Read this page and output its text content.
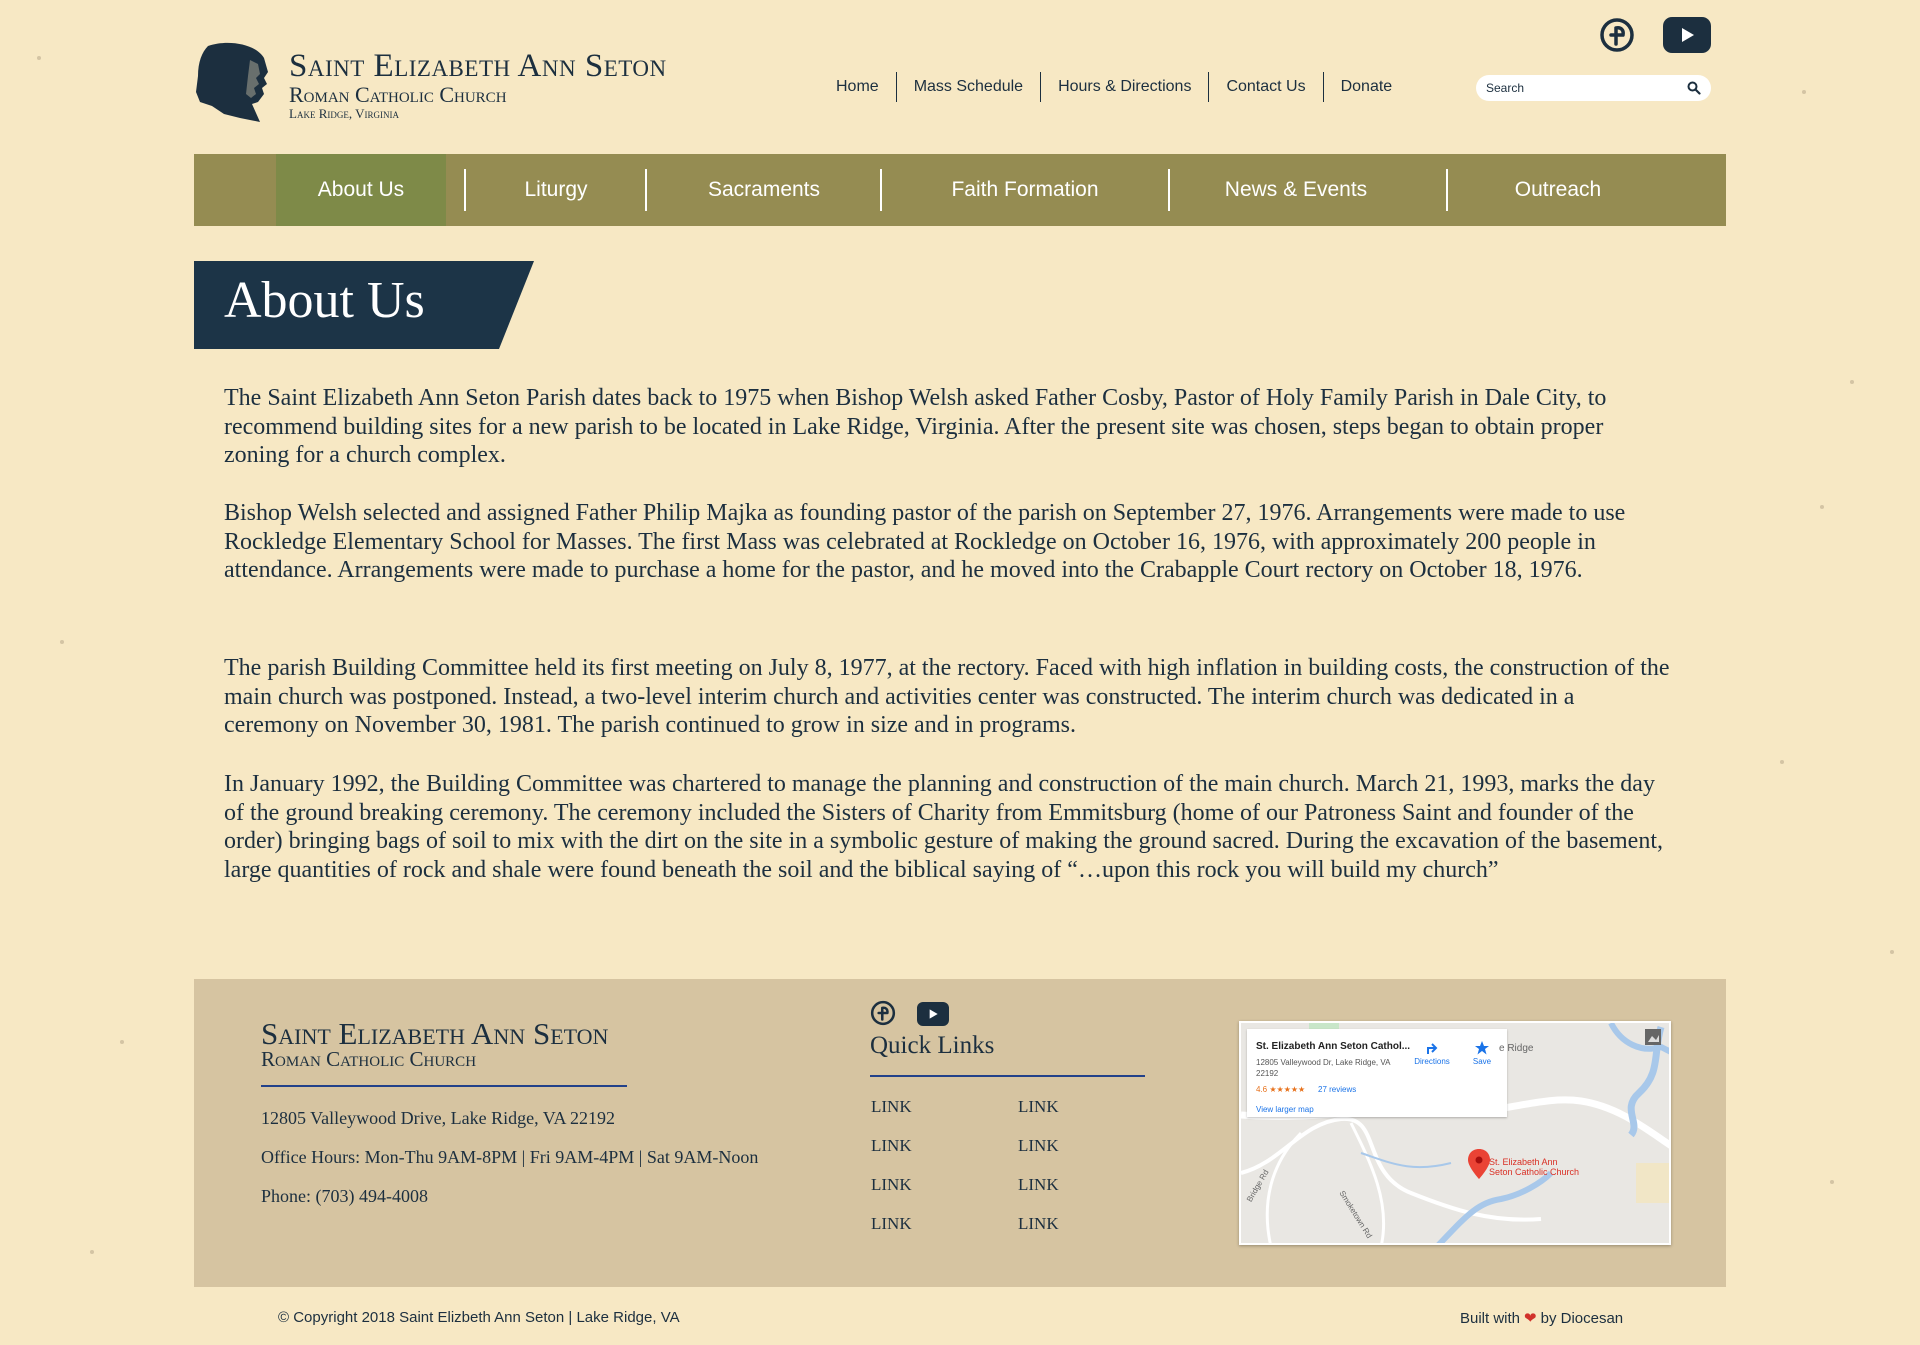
Saint Elizabeth Ann Seton
Roman Catholic Church
Lake Ridge, Virginia
Home	Mass Schedule	Hours & Directions	Contact Us	Donate
Search
About Us	Liturgy	Sacraments	Faith Formation	News & Events	Outreach
About Us

The Saint Elizabeth Ann Seton Parish dates back to 1975 when Bishop Welsh asked Father Cosby, Pastor of Holy Family Parish in Dale City, to recommend building sites for a new parish to be located in Lake Ridge, Virginia. After the present site was chosen, steps began to obtain proper zoning for a church complex.

Bishop Welsh selected and assigned Father Philip Majka as founding pastor of the parish on September 27, 1976. Arrangements were made to use Rockledge Elementary School for Masses. The first Mass was celebrated at Rockledge on October 16, 1976, with approximately 200 people in attendance. Arrangements were made to purchase a home for the pastor, and he moved into the Crabapple Court rectory on October 18, 1976.

The parish Building Committee held its first meeting on July 8, 1977, at the rectory. Faced with high inflation in building costs, the construction of the main church was postponed. Instead, a two-level interim church and activities center was constructed. The interim church was dedicated in a ceremony on November 30, 1981. The parish continued to grow in size and in programs.

In January 1992, the Building Committee was chartered to manage the planning and construction of the main church. March 21, 1993, marks the day of the ground breaking ceremony. The ceremony included the Sisters of Charity from Emmitsburg (home of our Patroness Saint and founder of the order) bringing bags of soil to mix with the dirt on the site in a symbolic gesture of making the ground sacred. During the excavation of the basement, large quantities of rock and shale were found beneath the soil and the biblical saying of “…upon this rock you will build my church”

Saint Elizabeth Ann Seton
Roman Catholic Church
12805 Valleywood Drive, Lake Ridge, VA 22192
Office Hours: Mon-Thu 9AM-8PM | Fri 9AM-4PM | Sat 9AM-Noon
Phone: (703) 494-4008
Quick Links
LINK	LINK
LINK	LINK
LINK	LINK
LINK	LINK
St. Elizabeth Ann Seton Cathol...
12805 Valleywood Dr, Lake Ridge, VA 22192
4.6 ★★★★★ 27 reviews
View larger map
Directions	Save
St. Elizabeth Ann
Seton Catholic Church
e Ridge
Smoketown Rd
Bridge Rd
© Copyright 2018 Saint Elizbeth Ann Seton | Lake Ridge, VA	Built with ❤ by Diocesan
